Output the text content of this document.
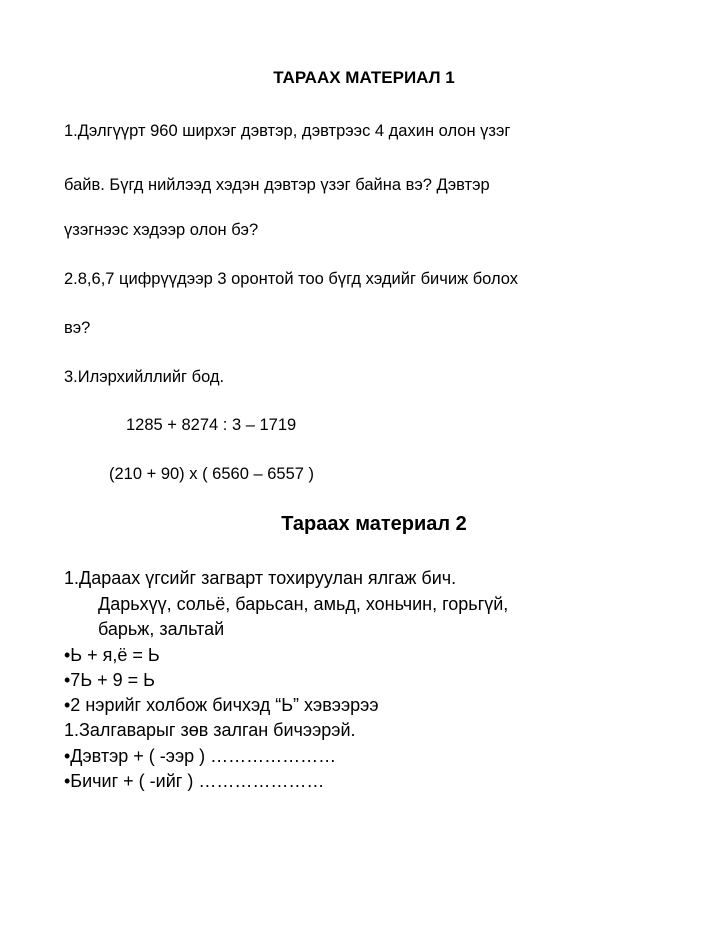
ТАРААХ МАТЕРИАЛ 1
1.Дэлгүүрт 960 ширхэг дэвтэр, дэвтрээс 4 дахин олон үзэг
байв. Бүгд нийлээд хэдэн дэвтэр үзэг байна вэ? Дэвтэр
үзэгнээс хэдээр олон бэ?
2.8,6,7 цифрүүдээр 3 оронтой тоо бүгд хэдийг бичиж болох
вэ?
3.Илэрхийллийг бод.
1285 + 8274 : 3 – 1719
(210 + 90) x ( 6560 – 6557 )
Тараах материал 2
1.Дараах үгсийг загварт тохируулан ялгаж бич.
Дарьхүү, сольё, барьсан, амьд, хоньчин, горьгүй,
барьж, зальтай
•Ь + я,ё = Ь
•7Ь + 9 = Ь
•2 нэрийг холбож бичхэд “Ь” хэвээрээ
1.Залгаварыг зөв залган бичээрэй.
•Дэвтэр + ( -ээр ) …………………
•Бичиг + ( -ийг ) …………………
